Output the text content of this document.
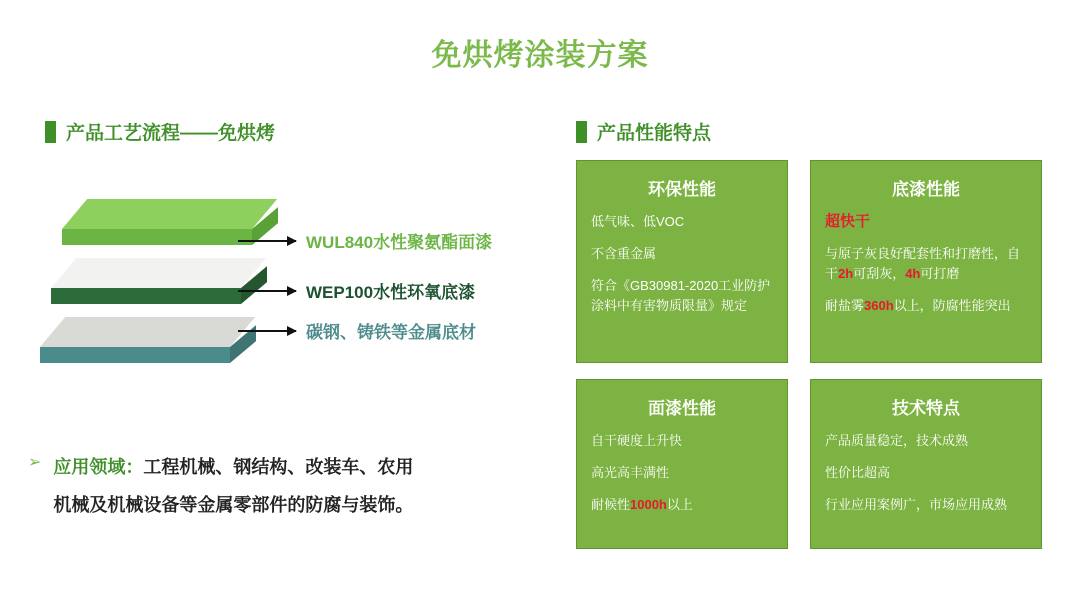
免烘烤涂装方案
产品工艺流程——免烘烤	产品性能特点
WUL840水性聚氨酯面漆
WEP100水性环氧底漆
碳钢、铸铁等金属底材
➢ 应用领域：工程机械、钢结构、改装车、农用
机械及机械设备等金属零部件的防腐与装饰。
环保性能
低气味、低VOC
不含重金属
符合《GB30981-2020工业防护涂料中有害物质限量》规定
底漆性能
超快干
与原子灰良好配套性和打磨性，自干2h可刮灰，4h可打磨
耐盐雾360h以上，防腐性能突出
面漆性能
自干硬度上升快
高光高丰满性
耐候性1000h以上
技术特点
产品质量稳定，技术成熟
性价比超高
行业应用案例广，市场应用成熟
